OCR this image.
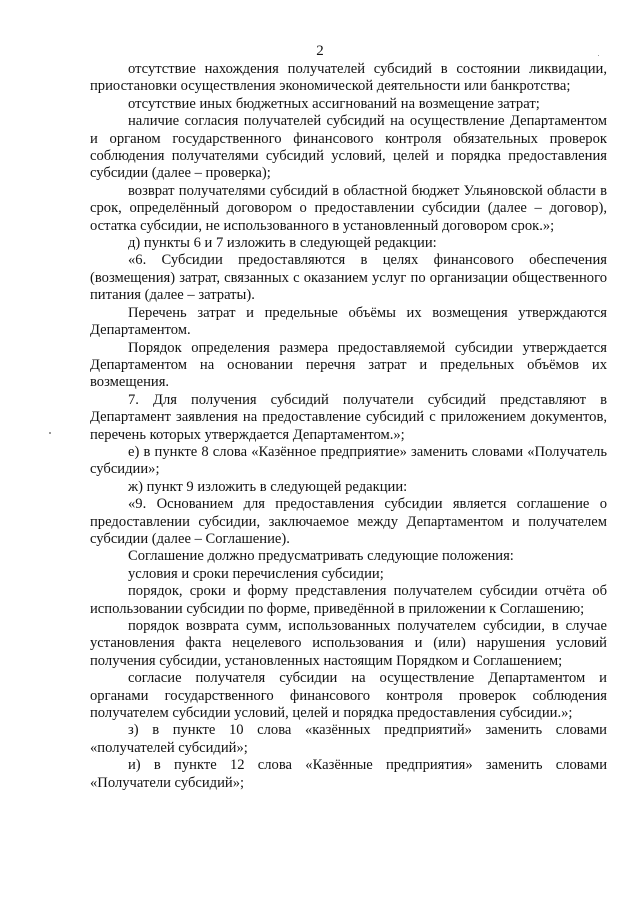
2

отсутствие нахождения получателей субсидий в состоянии ликвидации, приостановки осуществления экономической деятельности или банкротства;

отсутствие иных бюджетных ассигнований на возмещение затрат;

наличие согласия получателей субсидий на осуществление Департаментом и органом государственного финансового контроля обязательных проверок соблюдения получателями субсидий условий, целей и порядка предоставления субсидии (далее – проверка);

возврат получателями субсидий в областной бюджет Ульяновской области в срок, определённый договором о предоставлении субсидии (далее – договор), остатка субсидии, не использованного в установленный договором срок.»;

д) пункты 6 и 7 изложить в следующей редакции:

«6. Субсидии предоставляются в целях финансового обеспечения (возмещения) затрат, связанных с оказанием услуг по организации общественного питания (далее – затраты).

Перечень затрат и предельные объёмы их возмещения утверждаются Департаментом.

Порядок определения размера предоставляемой субсидии утверждается Департаментом на основании перечня затрат и предельных объёмов их возмещения.

7. Для получения субсидий получатели субсидий представляют в Департамент заявления на предоставление субсидий с приложением документов, перечень которых утверждается Департаментом.»;

е) в пункте 8 слова «Казённое предприятие» заменить словами «Получатель субсидии»;

ж) пункт 9 изложить в следующей редакции:

«9. Основанием для предоставления субсидии является соглашение о предоставлении субсидии, заключаемое между Департаментом и получателем субсидии (далее – Соглашение).

Соглашение должно предусматривать следующие положения:

условия и сроки перечисления субсидии;

порядок, сроки и форму представления получателем субсидии отчёта об использовании субсидии по форме, приведённой в приложении к Соглашению;

порядок возврата сумм, использованных получателем субсидии, в случае установления факта нецелевого использования и (или) нарушения условий получения субсидии, установленных настоящим Порядком и Соглашением;

согласие получателя субсидии на осуществление Департаментом и органами государственного финансового контроля проверок соблюдения получателем субсидии условий, целей и порядка предоставления субсидии.»;

з) в пункте 10 слова «казённых предприятий» заменить словами «получателей субсидий»;

и) в пункте 12 слова «Казённые предприятия» заменить словами «Получатели субсидий»;
